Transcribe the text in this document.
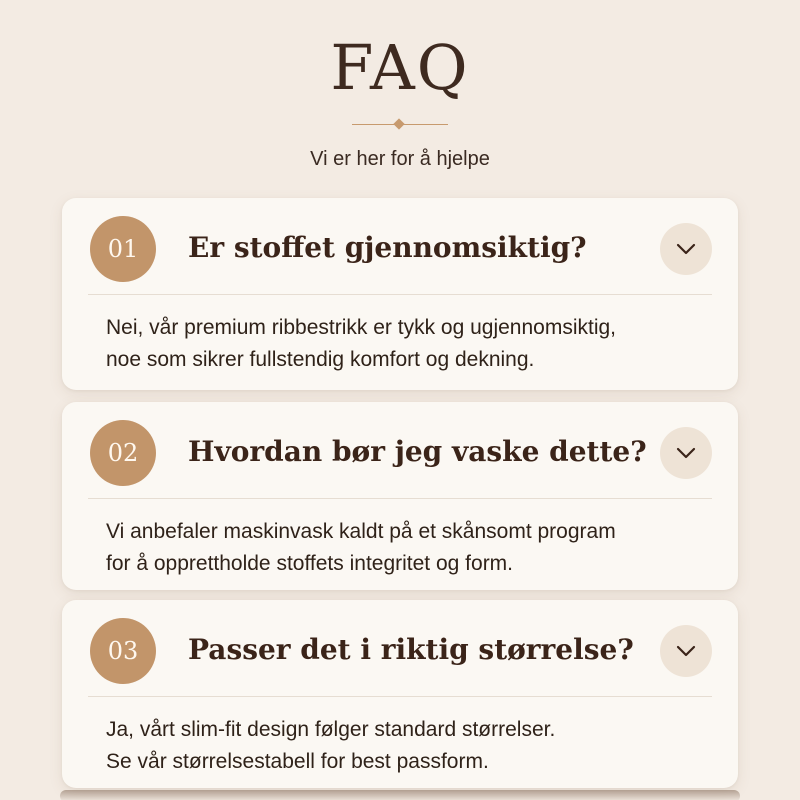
FAQ
Vi er her for å hjelpe
01	Er stoffet gjennomsiktig?
Nei, vår premium ribbestrikk er tykk og ugjennomsiktig,
noe som sikrer fullstendig komfort og dekning.
02	Hvordan bør jeg vaske dette?
Vi anbefaler maskinvask kaldt på et skånsomt program
for å opprettholde stoffets integritet og form.
03	Passer det i riktig størrelse?
Ja, vårt slim-fit design følger standard størrelser.
Se vår størrelsestabell for best passform.
